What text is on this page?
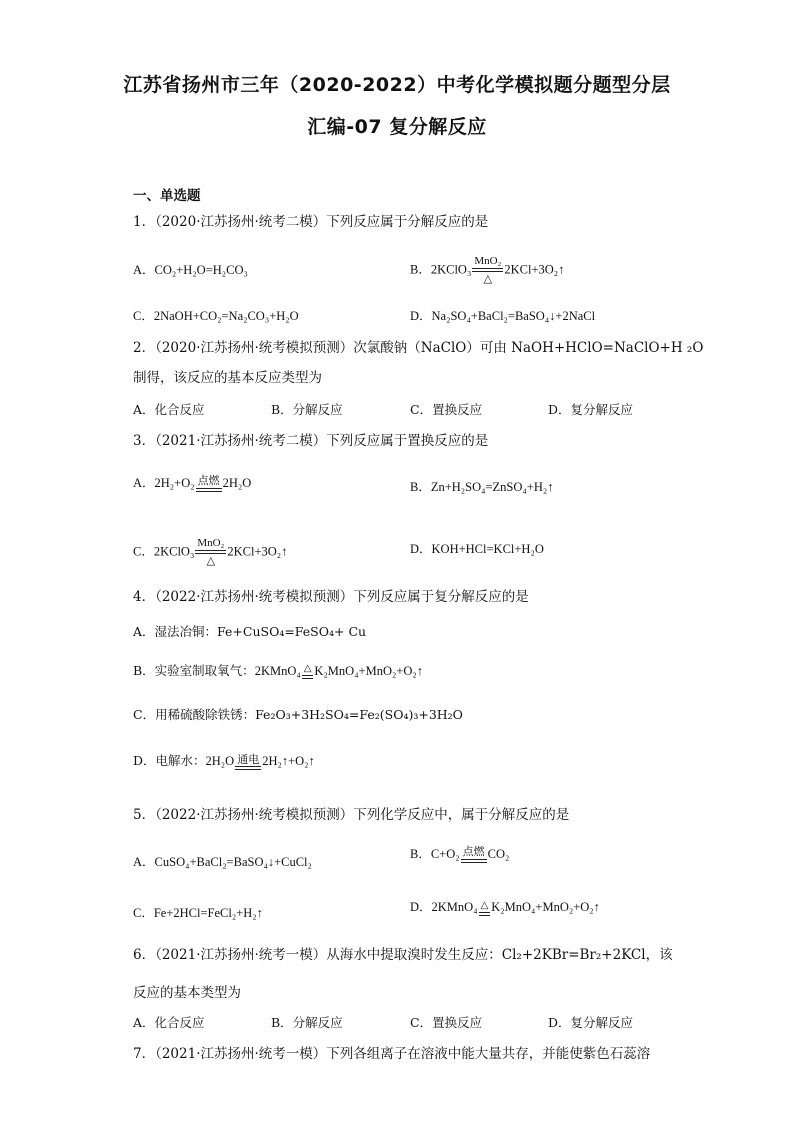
江苏省扬州市三年（2020-2022）中考化学模拟题分题型分层
汇编-07 复分解反应
一、单选题
1．（2020·江苏扬州·统考二模）下列反应属于分解反应的是
A．CO₂+H₂O=H₂CO₃	B．2KClO₃
MnO₂
△
2KCl+3O₂↑
C．2NaOH+CO₂=Na₂CO₃+H₂O	D．Na₂SO₄+BaCl₂=BaSO₄↓+2NaCl
2．（2020·江苏扬州·统考模拟预测）次氯酸钠（NaClO）可由 NaOH+HClO=NaClO+H ₂O
制得，该反应的基本反应类型为
A．化合反应	B．分解反应	C．置换反应	D．复分解反应
3．（2021·江苏扬州·统考二模）下列反应属于置换反应的是
A．2H₂+O₂ 点燃 2H₂O	B．Zn+H₂SO₄=ZnSO₄+H₂↑
C．2KClO₃
MnO₂
△
2KCl+3O₂↑	D．KOH+HCl=KCl+H₂O
4．（2022·江苏扬州·统考模拟预测）下列反应属于复分解反应的是
A．湿法冶铜：Fe+CuSO₄=FeSO₄+ Cu
B．实验室制取氧气：2KMnO₄ △ K₂MnO₄+MnO₂+O₂↑
C．用稀硫酸除铁锈：Fe₂O₃+3H₂SO₄=Fe₂(SO₄)₃+3H₂O
D．电解水：2H₂O 通电 2H₂↑+O₂↑
5．（2022·江苏扬州·统考模拟预测）下列化学反应中，属于分解反应的是
A．CuSO₄+BaCl₂=BaSO₄↓+CuCl₂
B．C+O₂ 点燃 CO₂
C．Fe+2HCl=FeCl₂+H₂↑	D．2KMnO₄ △ K₂MnO₄+MnO₂+O₂↑
6．（2021·江苏扬州·统考一模）从海水中提取溴时发生反应：Cl₂+2KBr=Br₂+2KCl，该
反应的基本类型为
A．化合反应	B．分解反应	C．置换反应	D．复分解反应
7．（2021·江苏扬州·统考一模）下列各组离子在溶液中能大量共存，并能使紫色石蕊溶
